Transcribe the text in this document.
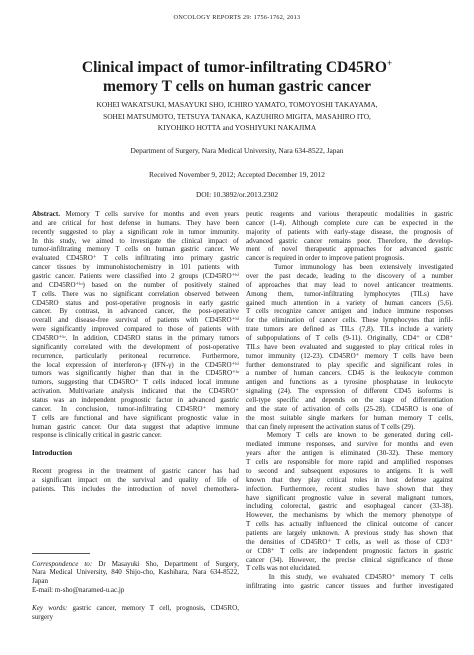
ONCOLOGY REPORTS 29: 1756-1762, 2013
Clinical impact of tumor-infiltrating CD45RO+
memory T cells on human gastric cancer
KOHEI WAKATSUKI, MASAYUKI SHO, ICHIRO YAMATO, TOMOYOSHI TAKAYAMA,
SOHEI MATSUMOTO, TETSUYA TANAKA, KAZUHIRO MIGITA, MASAHIRO ITO,
KIYOHIKO HOTTA and YOSHIYUKI NAKAJIMA
Department of Surgery, Nara Medical University, Nara 634-8522, Japan
Received November 9, 2012; Accepted December 19, 2012
DOI: 10.3892/or.2013.2302
Abstract. Memory T cells survive for months and even years
and are critical for host defense in humans. They have been
recently suggested to play a significant role in tumor immunity.
In this study, we aimed to investigate the clinical impact of
tumor-infiltrating memory T cells on human gastric cancer. We
evaluated CD45RO⁺ T cells infiltrating into primary gastric
cancer tissues by immunohistochemistry in 101 patients with
gastric cancer. Patients were classified into 2 groups (CD45RO⁺ʰⁱ
and CD45RO⁺ˡᵒ) based on the number of positively stained
T cells. There was no significant correlation observed between
CD45RO status and post-operative prognosis in early gastric
cancer. By contrast, in advanced cancer, the post-operative
overall and disease-free survival of patients with CD45RO⁺ʰⁱ
were significantly improved compared to those of patients with
CD45RO⁺ˡᵒ. In addition, CD45RO status in the primary tumors
significantly correlated with the development of post-operative
recurrence, particularly peritoneal recurrence. Furthermore,
the local expression of interferon-γ (IFN-γ) in the CD45RO⁺ʰⁱ
tumors was significantly higher than that in the CD45RO⁺ˡᵒ
tumors, suggesting that CD45RO⁺ T cells induced local immune
activation. Multivariate analysis indicated that the CD45RO⁺
status was an independent prognostic factor in advanced gastric
cancer. In conclusion, tumor-infiltrating CD45RO⁺ memory
T cells are functional and have significant prognostic value in
human gastric cancer. Our data suggest that adaptive immune
response is clinically critical in gastric cancer.
Introduction
Recent progress in the treatment of gastric cancer has had
a significant impact on the survival and quality of life of
patients. This includes the introduction of novel chemothera-
Correspondence to: Dr Masayuki Sho, Department of Surgery,
Nara Medical University, 840 Shijo-cho, Kashihara, Nara 634-8522,
Japan
E-mail: m-sho@naramed-u.ac.jp
Key words: gastric cancer, memory T cell, prognosis, CD45RO,
surgery
peutic reagents and various therapeutic modalities in gastric
cancer (1-4). Although complete cure can be expected in the
majority of patients with early-stage disease, the prognosis of
advanced gastric cancer remains poor. Therefore, the develop-
ment of novel therapeutic approaches for advanced gastric
cancer is required in order to improve patient prognosis.
Tumor immunology has been extensively investigated
over the past decade, leading to the discovery of a number
of approaches that may lead to novel anticancer treatments.
Among them, tumor-infiltrating lymphocytes (TILs) have
gained much attention in a variety of human cancers (5,6).
T cells recognize cancer antigen and induce immune responses
for the elimination of cancer cells. These lymphocytes that infil-
trate tumors are defined as TILs (7,8). TILs include a variety
of subpopulations of T cells (9-11). Originally, CD4⁺ or CD8⁺
TILs have been evaluated and suggested to play critical roles in
tumor immunity (12-23). CD45RO⁺ memory T cells have been
further demonstrated to play specific and significant roles in
a number of human cancers. CD45 is the leukocyte common
antigen and functions as a tyrosine phosphatase in leukocyte
signaling (24). The expression of different CD45 isoforms is
cell-type specific and depends on the stage of differentiation
and the state of activation of cells (25-28). CD45RO is one of
the most suitable single markers for human memory T cells,
that can finely represent the activation status of T cells (29).
Memory T cells are known to be generated during cell-
mediated immune responses, and survive for months and even
years after the antigen is eliminated (30-32). These memory
T cells are responsible for more rapid and amplified responses
to second and subsequent exposures to antigens. It is well
known that they play critical roles in host defense against
infection. Furthermore, recent studies have shown that they
have significant prognostic value in several malignant tumors,
including colorectal, gastric and esophageal cancer (33-38).
However, the mechanisms by which the memory phenotype of
T cells has actually influenced the clinical outcome of cancer
patients are largely unknown. A previous study has shown that
the densities of CD45RO⁺ T cells, as well as those of CD3⁺
or CD8⁺ T cells are independent prognostic factors in gastric
cancer (34). However, the precise clinical significance of those
T cells was not elucidated.
In this study, we evaluated CD45RO⁺ memory T cells
infiltrating into gastric cancer tissues and further investigated
